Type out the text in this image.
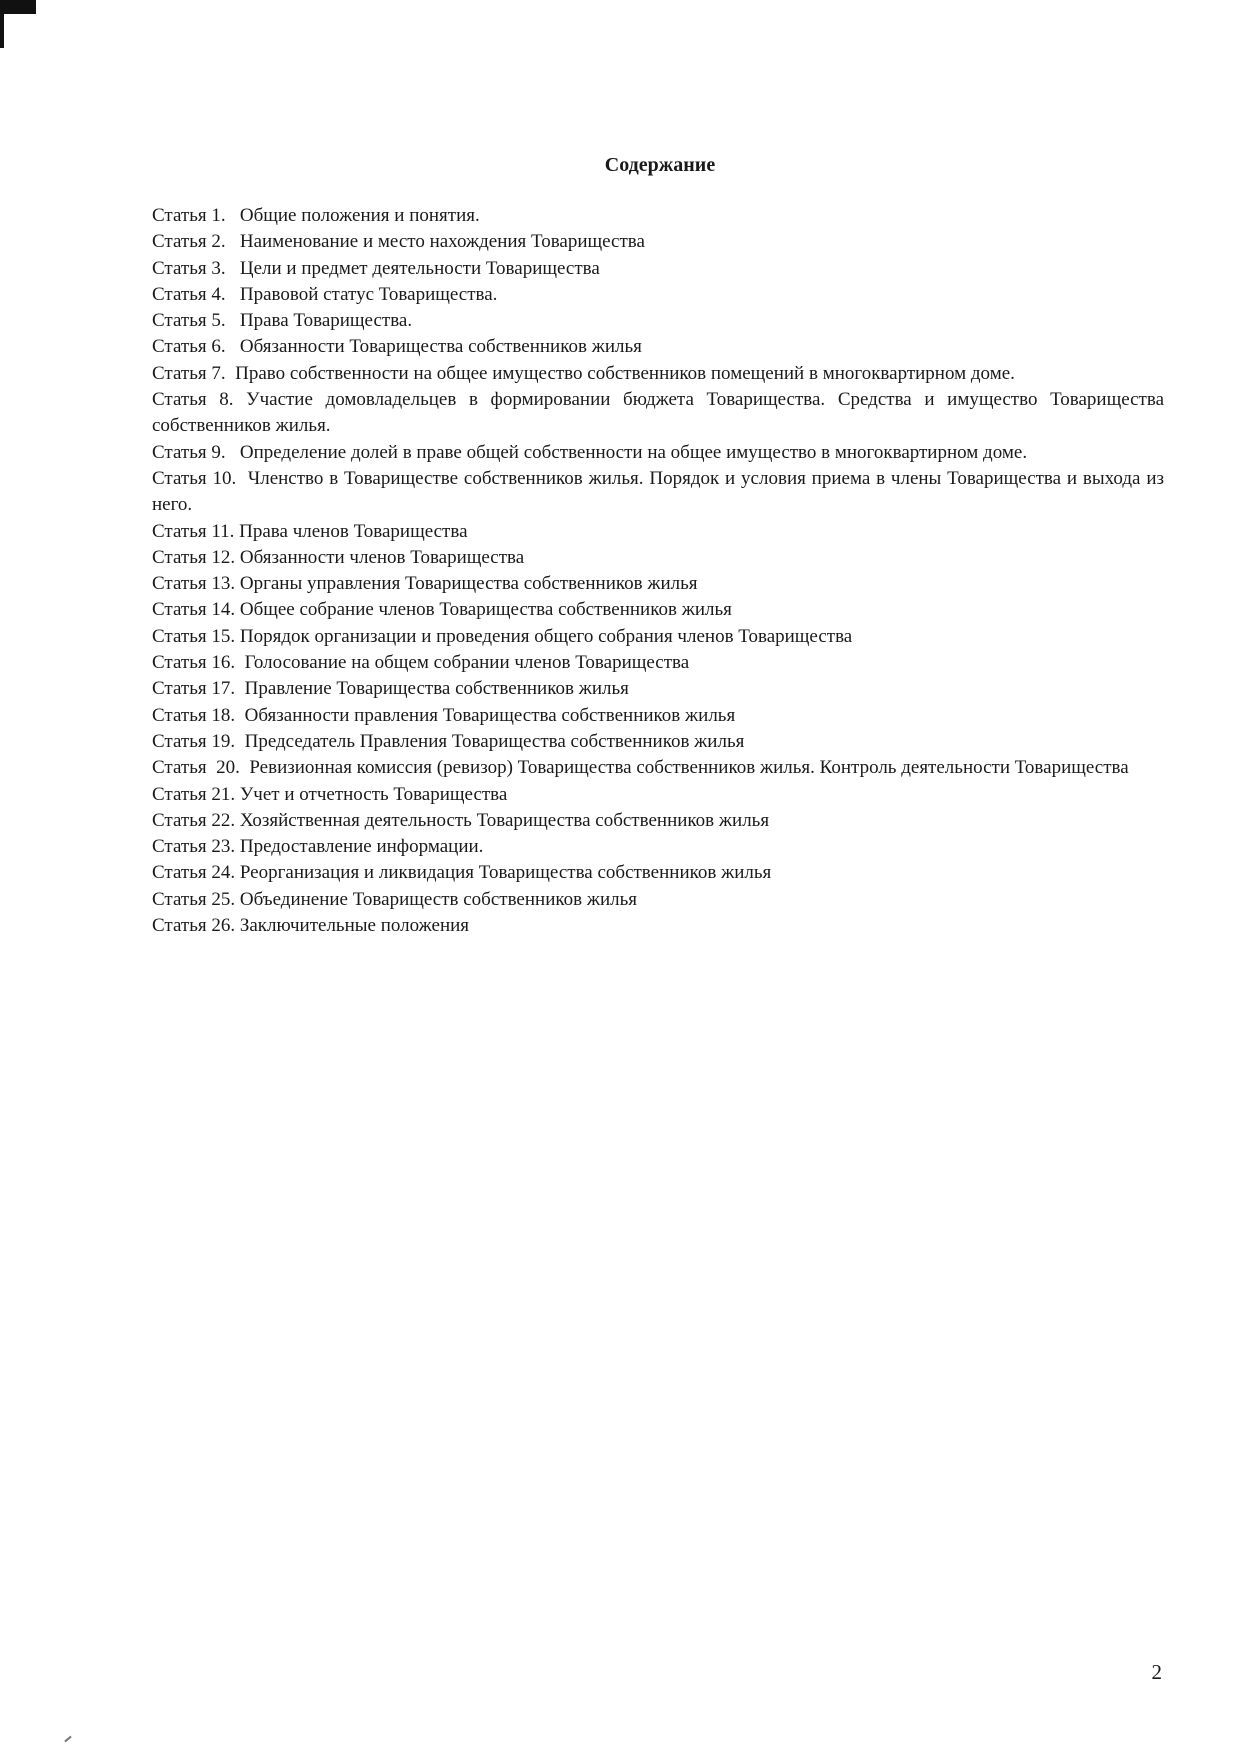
Содержание
Статья 1.   Общие положения и понятия.
Статья 2.   Наименование и место нахождения Товарищества
Статья 3.   Цели и предмет деятельности Товарищества
Статья 4.   Правовой статус Товарищества.
Статья 5.   Права Товарищества.
Статья 6.   Обязанности Товарищества собственников жилья
Статья 7.  Право собственности на общее имущество собственников помещений в многоквартирном доме.
Статья 8. Участие домовладельцев в формировании бюджета Товарищества. Средства и имущество Товарищества собственников жилья.
Статья 9.   Определение долей в праве общей собственности на общее имущество в многоквартирном доме.
Статья 10.  Членство в Товариществе собственников жилья. Порядок и условия приема в члены Товарищества и выхода из него.
Статья 11. Права членов Товарищества
Статья 12. Обязанности членов Товарищества
Статья 13. Органы управления Товарищества собственников жилья
Статья 14. Общее собрание членов Товарищества собственников жилья
Статья 15. Порядок организации и проведения общего собрания членов Товарищества
Статья 16.  Голосование на общем собрании членов Товарищества
Статья 17.  Правление Товарищества собственников жилья
Статья 18.  Обязанности правления Товарищества собственников жилья
Статья 19.  Председатель Правления Товарищества собственников жилья
Статья  20.  Ревизионная комиссия (ревизор) Товарищества собственников жилья. Контроль деятельности Товарищества
Статья 21. Учет и отчетность Товарищества
Статья 22. Хозяйственная деятельность Товарищества собственников жилья
Статья 23. Предоставление информации.
Статья 24. Реорганизация и ликвидация Товарищества собственников жилья
Статья 25. Объединение Товариществ собственников жилья
Статья 26. Заключительные положения
2
